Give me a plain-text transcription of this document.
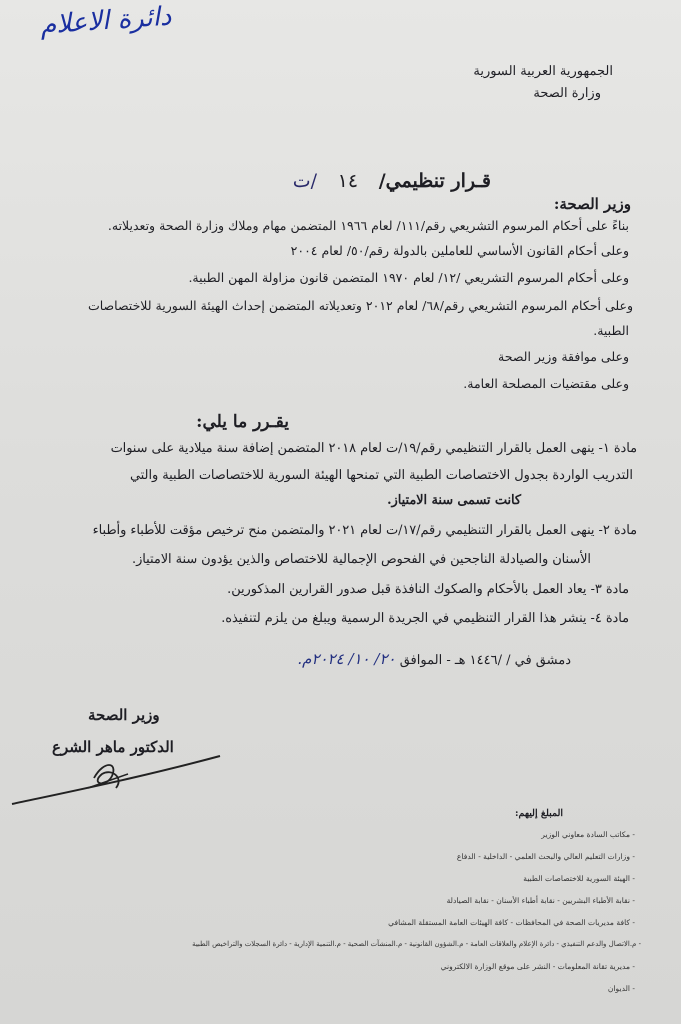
دائرة الاعلام
الجمهورية العربية السورية
وزارة الصحة
قـرار تنظيمي/ ١٤ /ت
وزير الصحة:
بناءً على أحكام المرسوم التشريعي رقم/١١١/ لعام ١٩٦٦ المتضمن مهام وملاك وزارة الصحة وتعديلاته.
وعلى أحكام القانون الأساسي للعاملين بالدولة رقم/٥٠/ لعام ٢٠٠٤
وعلى أحكام المرسوم التشريعي /١٢/ لعام ١٩٧٠ المتضمن قانون مزاولة المهن الطبية.
وعلى أحكام المرسوم التشريعي رقم/٦٨/ لعام ٢٠١٢ وتعديلاته المتضمن إحداث الهيئة السورية للاختصاصات
الطبية.
وعلى موافقة وزير الصحة
وعلى مقتضيات المصلحة العامة.
يقـرر ما يلي:
مادة ١- ينهى العمل بالقرار التنظيمي رقم/١٩/ت لعام ٢٠١٨ المتضمن إضافة سنة ميلادية على سنوات
التدريب الواردة بجدول الاختصاصات الطبية التي تمنحها الهيئة السورية للاختصاصات الطبية والتي
كانت تسمى سنة الامتياز.
مادة ٢- ينهى العمل بالقرار التنظيمي رقم/١٧/ت لعام ٢٠٢١ والمتضمن منح ترخيص مؤقت للأطباء وأطباء
الأسنان والصيادلة الناجحين في الفحوص الإجمالية للاختصاص والذين يؤدون سنة الامتياز.
مادة ٣- يعاد العمل بالأحكام والصكوك النافذة قبل صدور القرارين المذكورين.
مادة ٤- ينشر هذا القرار التنظيمي في الجريدة الرسمية ويبلغ من يلزم لتنفيذه.
دمشق في / /١٤٤٦ هـ - الموافق ٢٠/ ١٠/ ٢٠٢٤م.
وزير الصحة
الدكتور ماهر الشرع
المبلغ إليهم:
- مكاتب السادة معاوني الوزير
- وزارات التعليم العالي والبحث العلمي - الداخلية - الدفاع
- الهيئة السورية للاختصاصات الطبية
- نقابة الأطباء البشريين - نقابة أطباء الأسنان - نقابة الصيادلة
- كافة مديريات الصحة في المحافظات - كافة الهيئات العامة المستقلة المشافي
- م.الاتصال والدعم التنفيذي - دائرة الإعلام والعلاقات العامة - م.الشؤون القانونية - م.المنشآت الصحية - م.التنمية الإدارية - دائرة السجلات والتراخيص الطبية
- مديرية تقانة المعلومات - النشر على موقع الوزارة الالكتروني
- الديوان
